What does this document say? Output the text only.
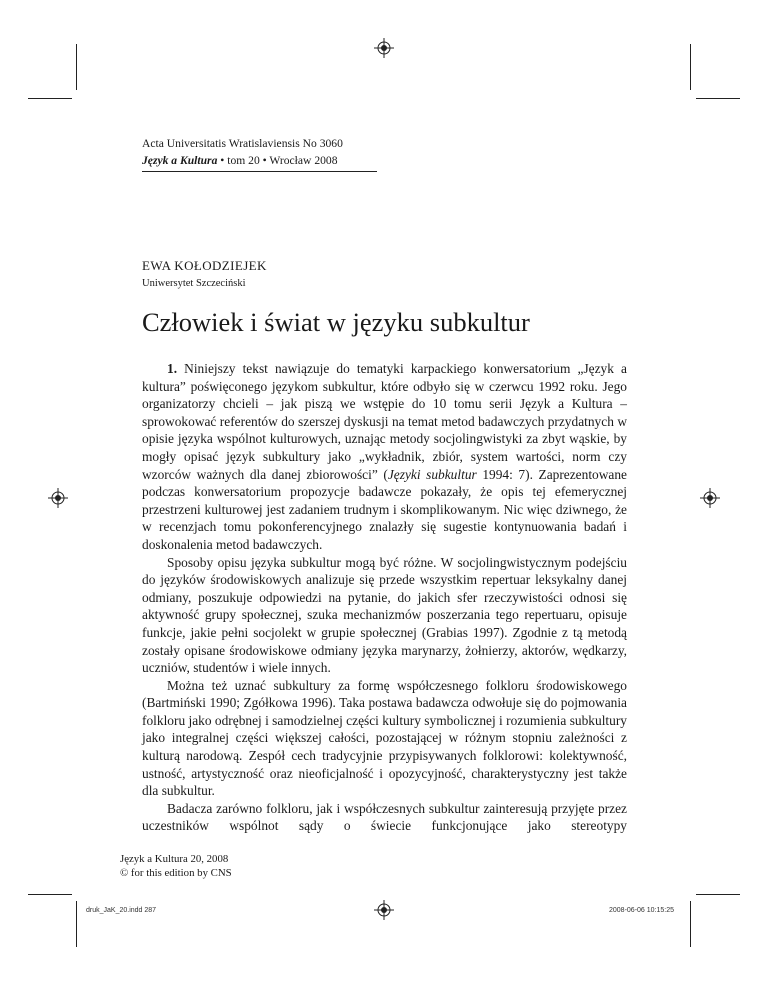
Acta Universitatis Wratislaviensis No 3060
Język a Kultura • tom 20 • Wrocław 2008
EWA KOŁODZIEJEK
Uniwersytet Szczeciński
Człowiek i świat w języku subkultur

1. Niniejszy tekst nawiązuje do tematyki karpackiego konwersatorium „Język a kultura” poświęconego językom subkultur, które odbyło się w czerwcu 1992 roku. Jego organizatorzy chcieli – jak piszą we wstępie do 10 tomu serii Język a Kultura – sprowokować referentów do szerszej dyskusji na temat metod badawczych przydatnych w opisie języka wspólnot kulturowych, uznając metody socjolingwistyki za zbyt wąskie, by mogły opisać język subkultury jako „wykładnik, zbiór, system wartości, norm czy wzorców ważnych dla danej zbiorowości” (Języki subkultur 1994: 7). Zaprezentowane podczas konwersatorium propozycje badawcze pokazały, że opis tej efemerycznej przestrzeni kulturowej jest zadaniem trudnym i skomplikowanym. Nic więc dziwnego, że w recenzjach tomu pokonferencyjnego znalazły się sugestie kontynuowania badań i doskonalenia metod badawczych.

Sposoby opisu języka subkultur mogą być różne. W socjolingwistycznym podejściu do języków środowiskowych analizuje się przede wszystkim repertuar leksykalny danej odmiany, poszukuje odpowiedzi na pytanie, do jakich sfer rzeczywistości odnosi się aktywność grupy społecznej, szuka mechanizmów poszerzania tego repertuaru, opisuje funkcje, jakie pełni socjolekt w grupie społecznej (Grabias 1997). Zgodnie z tą metodą zostały opisane środowiskowe odmiany języka marynarzy, żołnierzy, aktorów, wędkarzy, uczniów, studentów i wiele innych.

Można też uznać subkultury za formę współczesnego folkloru środowiskowego (Bartmiński 1990; Zgółkowa 1996). Taka postawa badawcza odwołuje się do pojmowania folkloru jako odrębnej i samodzielnej części kultury symbolicznej i rozumienia subkultury jako integralnej części większej całości, pozostającej w różnym stopniu zależności z kulturą narodową. Zespół cech tradycyjnie przypisywanych folklorowi: kolektywność, ustność, artystyczność oraz nieoficjalność i opozycyjność, charakterystyczny jest także dla subkultur.

Badacza zarówno folkloru, jak i współczesnych subkultur zainteresują przyjęte przez uczestników wspólnot sądy o świecie funkcjonujące jako stereotypy

Język a Kultura 20, 2008
© for this edition by CNS
druk_JaK_20.indd 287	2008-06-06 10:15:25
